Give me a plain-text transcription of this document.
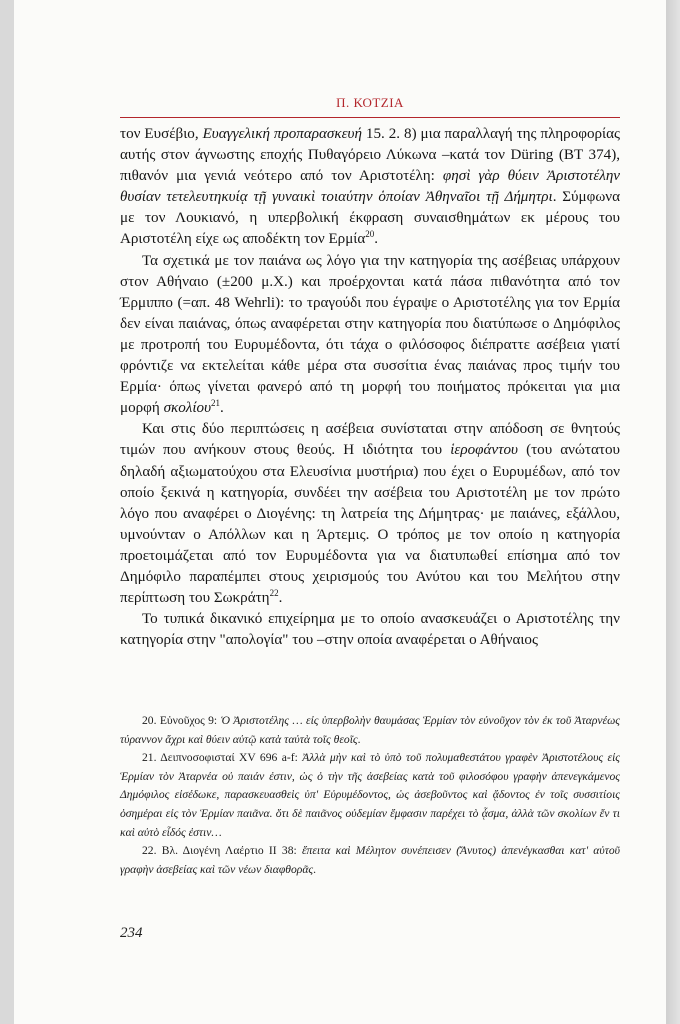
Π. ΚΟΤΖΙΑ

τον Ευσέβιο, Ευαγγελική προπαρασκευή 15. 2. 8) μια παραλλαγή της πληροφορίας αυτής στον άγνωστης εποχής Πυθαγόρειο Λύκωνα –κατά τον Düring (BT 374), πιθανόν μια γενιά νεότερο από τον Αριστοτέλη: φησὶ γὰρ θύειν Ἀριστοτέλην θυσίαν τετελευτηκυίᾳ τῇ γυναικὶ τοιαύτην ὁποίαν Ἀθηναῖοι τῇ Δήμητρι. Σύμφωνα με τον Λουκιανό, η υπερβολική έκφραση συναισθημάτων εκ μέρους του Αριστοτέλη είχε ως αποδέκτη τον Ερμία$^{20}$.

Τα σχετικά με τον παιάνα ως λόγο για την κατηγορία της ασέβειας υπάρχουν στον Αθήναιο (±200 μ.Χ.) και προέρχονται κατά πάσα πιθανότητα από τον Έρμιππο (=απ. 48 Wehrli): το τραγούδι που έγραψε ο Αριστοτέλης για τον Ερμία δεν είναι παιάνας, όπως αναφέρεται στην κατηγορία που διατύπωσε ο Δημόφιλος με προτροπή του Ευρυμέδοντα, ότι τάχα ο φιλόσοφος διέπραττε ασέβεια γιατί φρόντιζε να εκτελείται κάθε μέρα στα συσσίτια ένας παιάνας προς τιμήν του Ερμία· όπως γίνεται φανερό από τη μορφή του ποιήματος πρόκειται για μια μορφή σκολίου$^{21}$.

Και στις δύο περιπτώσεις η ασέβεια συνίσταται στην απόδοση σε θνητούς τιμών που ανήκουν στους θεούς. Η ιδιότητα του ἱεροφάντου (του ανώτατου δηλαδή αξιωματούχου στα Ελευσίνια μυστήρια) που έχει ο Ευρυμέδων, από τον οποίο ξεκινά η κατηγορία, συνδέει την ασέβεια του Αριστοτέλη με τον πρώτο λόγο που αναφέρει ο Διογένης: τη λατρεία της Δήμητρας· με παιάνες, εξάλλου, υμνούνταν ο Απόλλων και η Άρτεμις. Ο τρόπος με τον οποίο η κατηγορία προετοιμάζεται από τον Ευρυμέδοντα για να διατυπωθεί επίσημα από τον Δημόφιλο παραπέμπει στους χειρισμούς του Ανύτου και του Μελήτου στην περίπτωση του Σωκράτη$^{22}$.

Το τυπικά δικανικό επιχείρημα με το οποίο ανασκευάζει ο Αριστοτέλης την κατηγορία στην "απολογία" του –στην οποία αναφέρεται ο Αθήναιος

20. Εὐνοῦχος 9: Ὁ Ἀριστοτέλης … εἰς ὑπερβολὴν θαυμάσας Ἑρμίαν τὸν εὐνοῦχον τὸν ἐκ τοῦ Ἀταρνέως τύραννον ἄχρι καὶ θύειν αὐτῷ κατὰ ταὐτὰ τοῖς θεοῖς.

21. Δειπνοσοφισταί XV 696 a-f: Ἀλλὰ μὴν καὶ τὸ ὑπὸ τοῦ πολυμαθεστάτου γραφὲν Ἀριστοτέλους εἰς Ἑρμίαν τὸν Ἀταρνέα οὐ παιάν ἐστιν, ὡς ὁ τὴν τῆς ἀσεβείας κατὰ τοῦ φιλοσόφου γραφὴν ἀπενεγκάμενος Δημόφιλος εἰσέδωκε, παρασκευασθεὶς ὑπ' Εὐρυμέδοντος, ὡς ἀσεβοῦντος καὶ ᾄδοντος ἐν τοῖς συσσιτίοις ὁσημέραι εἰς τὸν Ἑρμίαν παιᾶνα. ὅτι δὲ παιᾶνος οὐδεμίαν ἔμφασιν παρέχει τὸ ᾆσμα, ἀλλὰ τῶν σκολίων ἕν τι καὶ αὐτὸ εἶδός ἐστιν…

22. Βλ. Διογένη Λαέρτιο ΙΙ 38: ἔπειτα καὶ Μέλητον συνέπεισεν (Ἄνυτος) ἀπενέγκασθαι κατ' αὐτοῦ γραφὴν ἀσεβείας καὶ τῶν νέων διαφθορᾶς.

234
